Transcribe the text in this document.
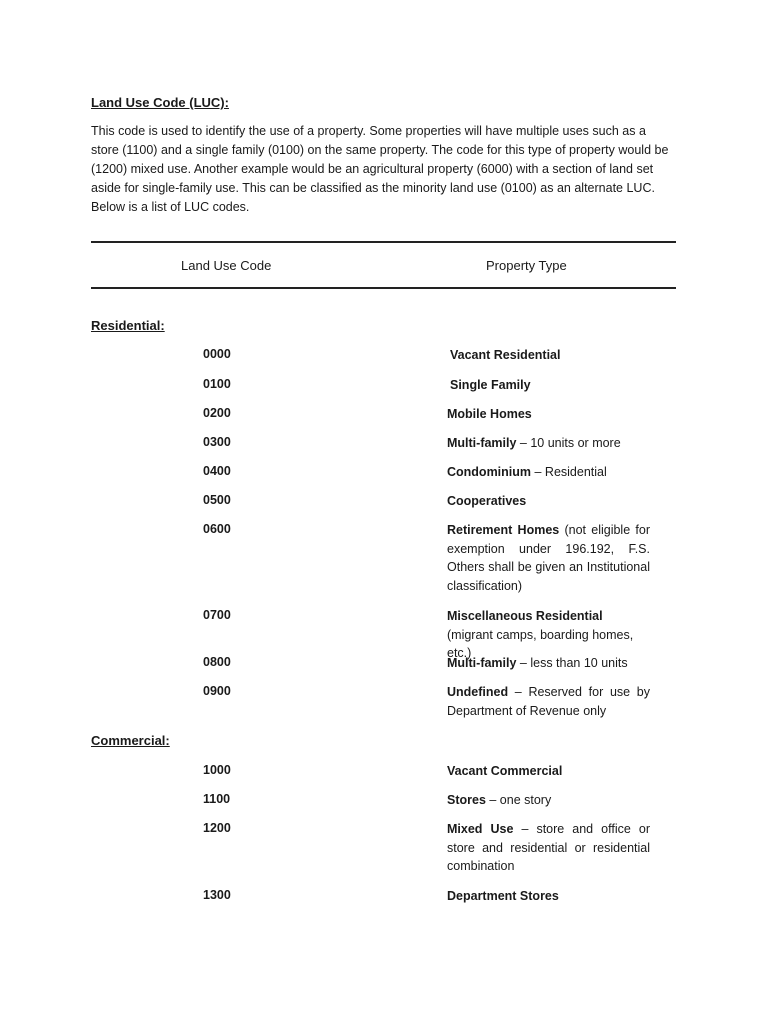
Land Use Code (LUC):
This code is used to identify the use of a property. Some properties will have multiple uses such as a store (1100) and a single family (0100) on the same property. The code for this type of property would be (1200) mixed use. Another example would be an agricultural property (6000) with a section of land set aside for single-family use. This can be classified as the minority land use (0100) as an alternate LUC. Below is a list of LUC codes.
Land Use Code	Property Type
Residential:
0000	Vacant Residential
0100	Single Family
0200	Mobile Homes
0300	Multi-family – 10 units or more
0400	Condominium – Residential
0500	Cooperatives
0600	Retirement Homes (not eligible for exemption under 196.192, F.S. Others shall be given an Institutional classification)
0700	Miscellaneous Residential (migrant camps, boarding homes, etc.)
0800	Multi-family – less than 10 units
0900	Undefined – Reserved for use by Department of Revenue only
Commercial:
1000	Vacant Commercial
1100	Stores – one story
1200	Mixed Use – store and office or store and residential or residential combination
1300	Department Stores
